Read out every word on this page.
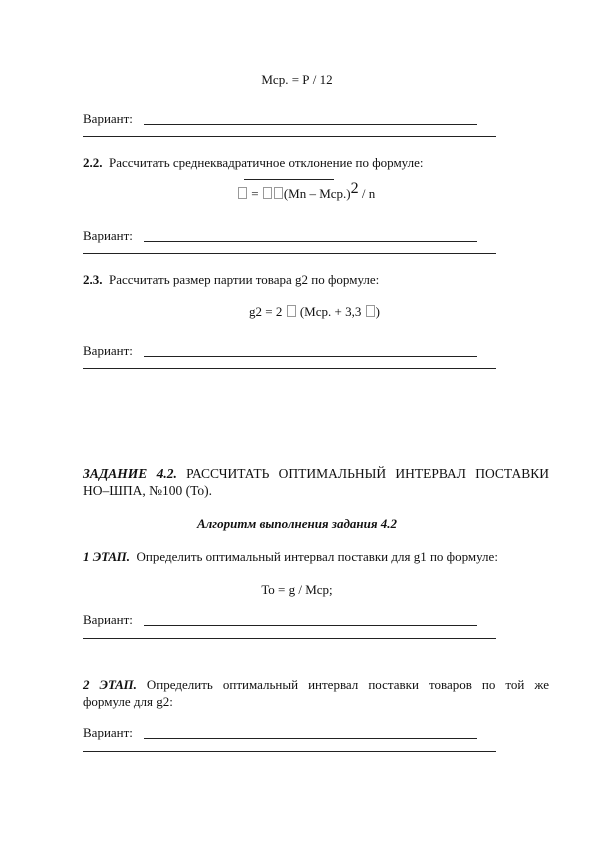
Мср. = Р / 12
Вариант:
2.2. Рассчитать среднеквадратичное отклонение по формуле:
= (Мn – Мср.)2 / n
Вариант:
2.3. Рассчитать размер партии товара g2 по формуле:
g2 = 2 (Мср. + 3,3 )
Вариант:
ЗАДАНИЕ 4.2. РАССЧИТАТЬ ОПТИМАЛЬНЫЙ ИНТЕРВАЛ ПОСТАВКИ
НО–ШПА, №100 (То).
Алгоритм выполнения задания 4.2
1 ЭТАП. Определить оптимальный интервал поставки для g1 по формуле:
То = g / Мср;
Вариант:
2 ЭТАП. Определить оптимальный интервал поставки товаров по той же
формуле для g2:
Вариант:
